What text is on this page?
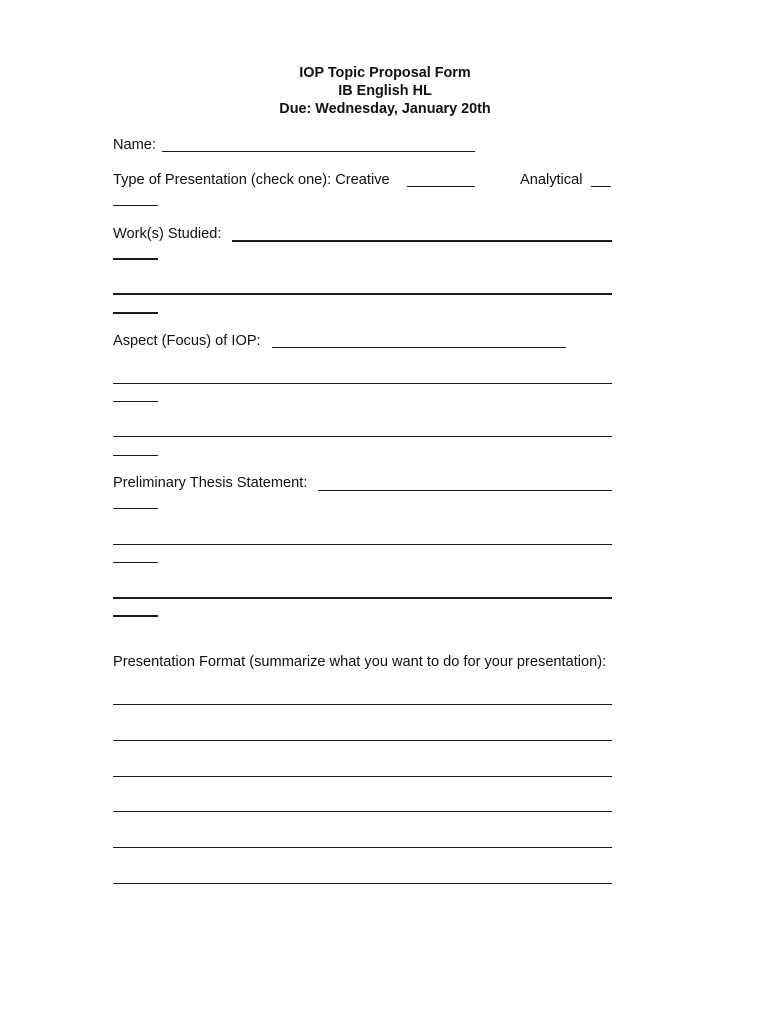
IOP Topic Proposal Form
IB English HL
Due: Wednesday, January 20th
Name:
Type of Presentation (check one): Creative	Analytical
Work(s) Studied:
Aspect (Focus) of IOP:
Preliminary Thesis Statement:
Presentation Format (summarize what you want to do for your presentation):
